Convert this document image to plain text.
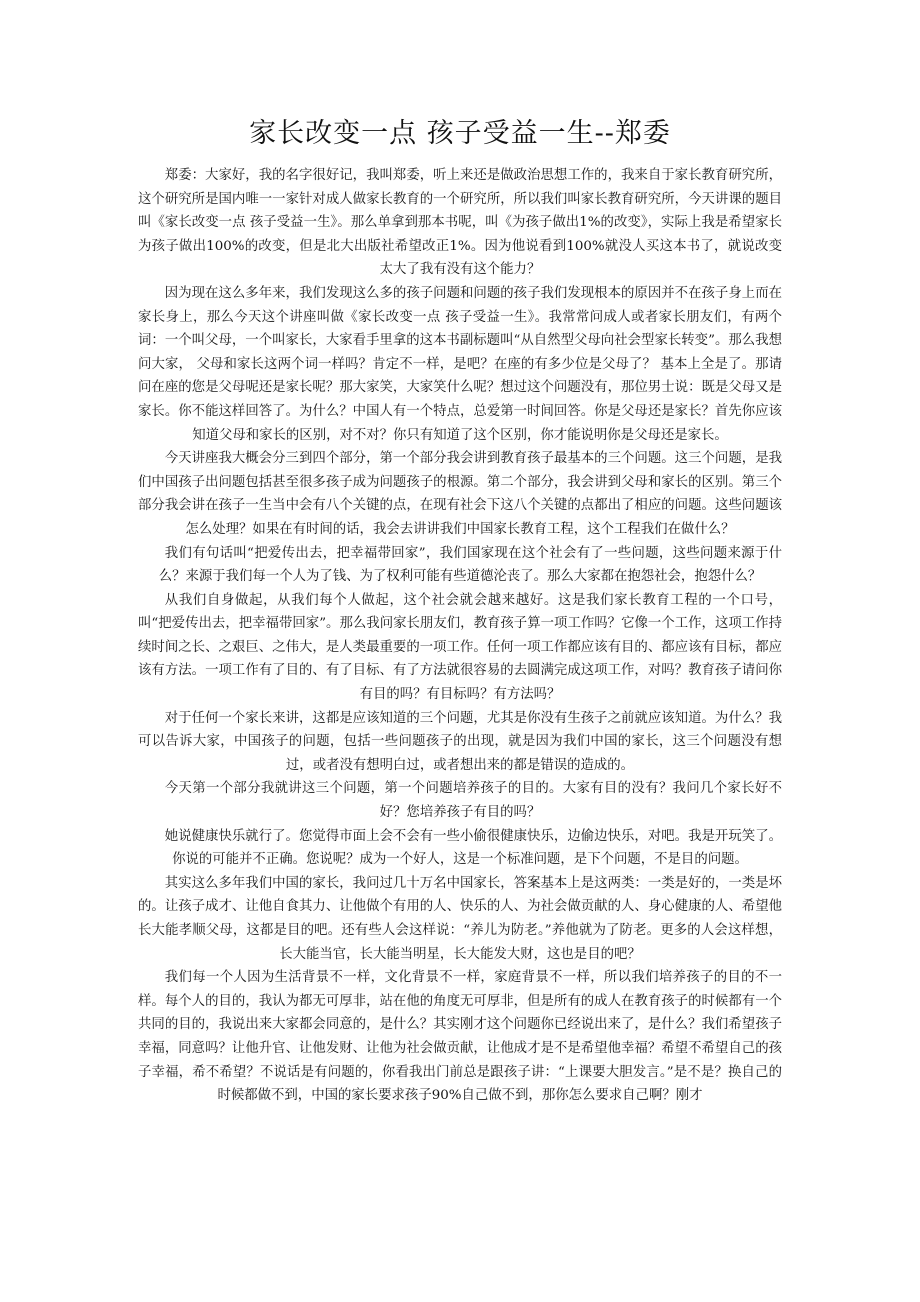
家长改变一点 孩子受益一生--郑委

郑委：大家好，我的名字很好记，我叫郑委，听上来还是做政治思想工作的，我来自于家长教育研究所，这个研究所是国内唯一一家针对成人做家长教育的一个研究所，所以我们叫家长教育研究所，今天讲课的题目叫《家长改变一点 孩子受益一生》。那么单拿到那本书呢，叫《为孩子做出1%的改变》，实际上我是希望家长为孩子做出100%的改变，但是北大出版社希望改正1%。因为他说看到100%就没人买这本书了，就说改变太大了我有没有这个能力？

因为现在这么多年来，我们发现这么多的孩子问题和问题的孩子我们发现根本的原因并不在孩子身上而在家长身上，那么今天这个讲座叫做《家长改变一点 孩子受益一生》。我常常问成人或者家长朋友们，有两个词：一个叫父母，一个叫家长，大家看手里拿的这本书副标题叫“从自然型父母向社会型家长转变”。那么我想问大家， 父母和家长这两个词一样吗？肯定不一样，是吧？在座的有多少位是父母了？ 基本上全是了。那请问在座的您是父母呢还是家长呢？那大家笑，大家笑什么呢？想过这个问题没有，那位男士说：既是父母又是家长。你不能这样回答了。为什么？中国人有一个特点，总爱第一时间回答。你是父母还是家长？首先你应该知道父母和家长的区别，对不对？你只有知道了这个区别，你才能说明你是父母还是家长。

今天讲座我大概会分三到四个部分，第一个部分我会讲到教育孩子最基本的三个问题。这三个问题，是我们中国孩子出问题包括甚至很多孩子成为问题孩子的根源。第二个部分，我会讲到父母和家长的区别。第三个部分我会讲在孩子一生当中会有八个关键的点，在现有社会下这八个关键的点都出了相应的问题。这些问题该怎么处理？如果在有时间的话，我会去讲讲我们中国家长教育工程，这个工程我们在做什么？

我们有句话叫“把爱传出去，把幸福带回家”，我们国家现在这个社会有了一些问题，这些问题来源于什么？来源于我们每一个人为了钱、为了权利可能有些道德沦丧了。那么大家都在抱怨社会，抱怨什么？

从我们自身做起，从我们每个人做起，这个社会就会越来越好。这是我们家长教育工程的一个口号，叫“把爱传出去，把幸福带回家”。那么我问家长朋友们，教育孩子算一项工作吗？它像一个工作，这项工作持续时间之长、之艰巨、之伟大，是人类最重要的一项工作。任何一项工作都应该有目的、都应该有目标，都应该有方法。一项工作有了目的、有了目标、有了方法就很容易的去圆满完成这项工作，对吗？教育孩子请问你有目的吗？有目标吗？有方法吗？

对于任何一个家长来讲，这都是应该知道的三个问题，尤其是你没有生孩子之前就应该知道。为什么？我可以告诉大家，中国孩子的问题，包括一些问题孩子的出现，就是因为我们中国的家长，这三个问题没有想过，或者没有想明白过，或者想出来的都是错误的造成的。

今天第一个部分我就讲这三个问题，第一个问题培养孩子的目的。大家有目的没有？我问几个家长好不好？您培养孩子有目的吗？

她说健康快乐就行了。您觉得市面上会不会有一些小偷很健康快乐，边偷边快乐，对吧。我是开玩笑了。你说的可能并不正确。您说呢？成为一个好人，这是一个标准问题，是下个问题，不是目的问题。

其实这么多年我们中国的家长，我问过几十万名中国家长，答案基本上是这两类：一类是好的，一类是坏的。让孩子成才、让他自食其力、让他做个有用的人、快乐的人、为社会做贡献的人、身心健康的人、希望他长大能孝顺父母，这都是目的吧。还有些人会这样说：“养儿为防老。”养他就为了防老。更多的人会这样想，长大能当官，长大能当明星，长大能发大财，这也是目的吧？

我们每一个人因为生活背景不一样，文化背景不一样，家庭背景不一样，所以我们培养孩子的目的不一样。每个人的目的，我认为都无可厚非，站在他的角度无可厚非，但是所有的成人在教育孩子的时候都有一个共同的目的，我说出来大家都会同意的，是什么？其实刚才这个问题你已经说出来了，是什么？我们希望孩子幸福，同意吗？让他升官、让他发财、让他为社会做贡献，让他成才是不是希望他幸福？希望不希望自己的孩子幸福，希不希望？不说话是有问题的，你看我出门前总是跟孩子讲：“上课要大胆发言。”是不是？换自己的时候都做不到，中国的家长要求孩子90%自己做不到，那你怎么要求自己啊？刚才
